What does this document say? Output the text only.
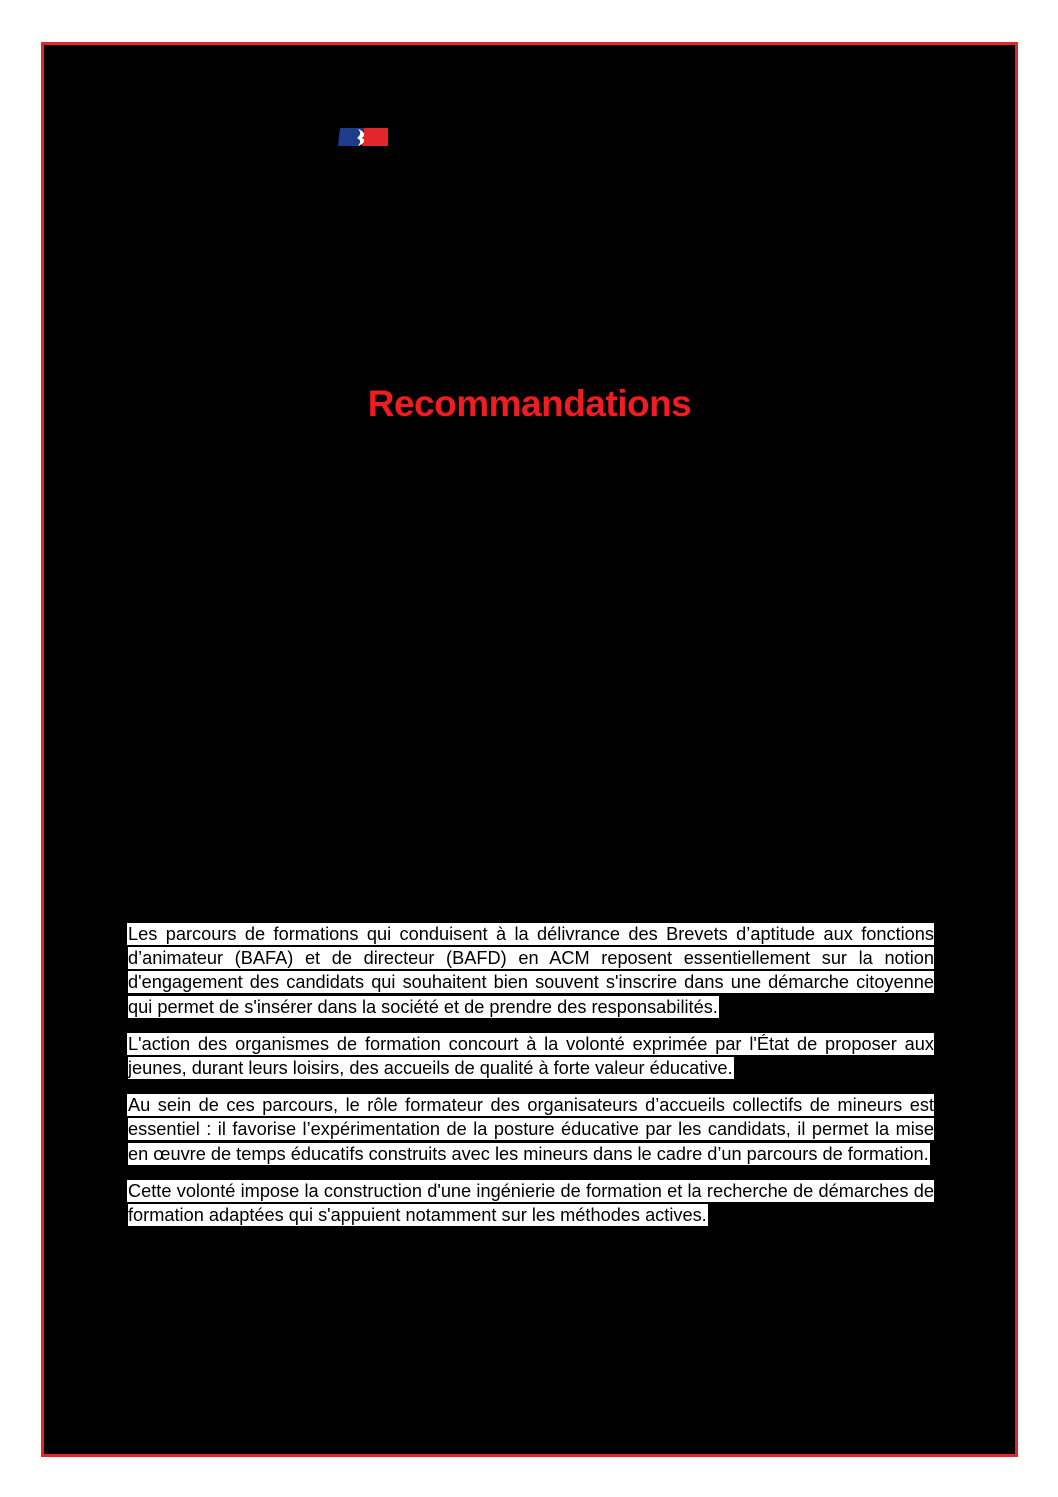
Recommandations

Les parcours de formations qui conduisent à la délivrance des Brevets d’aptitude aux fonctions d’animateur (BAFA) et de directeur (BAFD) en ACM reposent essentiellement sur la notion d'engagement des candidats qui souhaitent bien souvent s'inscrire dans une démarche citoyenne qui permet de s'insérer dans la société et de prendre des responsabilités.

L'action des organismes de formation concourt à la volonté exprimée par l'État de proposer aux jeunes, durant leurs loisirs, des accueils de qualité à forte valeur éducative.

Au sein de ces parcours, le rôle formateur des organisateurs d’accueils collectifs de mineurs est essentiel : il favorise l’expérimentation de la posture éducative par les candidats, il permet la mise en œuvre de temps éducatifs construits avec les mineurs dans le cadre d’un parcours de formation.

Cette volonté impose la construction d'une ingénierie de formation et la recherche de démarches de formation adaptées qui s'appuient notamment sur les méthodes actives.
